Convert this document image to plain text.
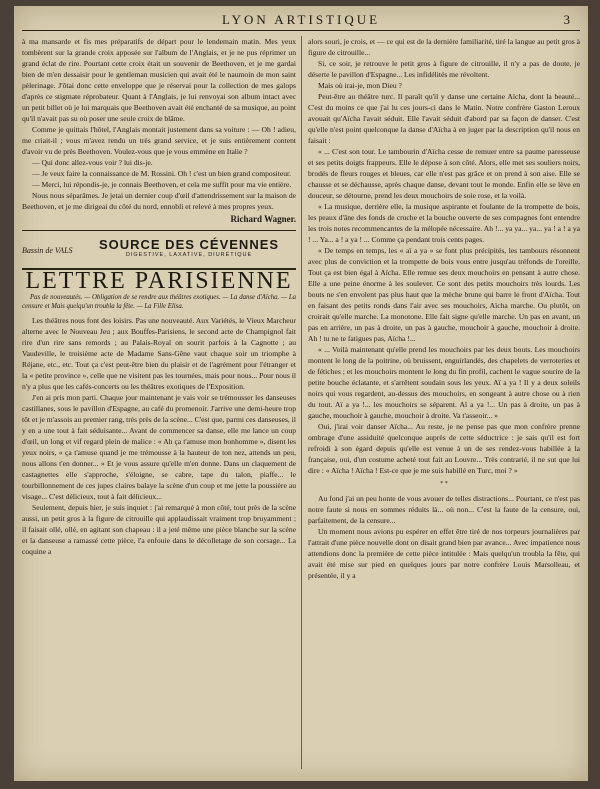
LYON ARTISTIQUE	3

à ma mansarde et fis mes préparatifs de départ pour le lendemain matin. Mes yeux tombèrent sur la grande croix apposée sur l'album de l'Anglais, et je ne pus réprimer un grand éclat de rire. Pourtant cette croix était un souvenir de Beethoven, et je me gardai bien de m'en dessaisir pour le gentleman musicien qui avait été le naumoin de mon saint pèlerinage. J'ôtai donc cette enveloppe que je réservai pour la collection de mes galops d'après ce stigmate réprobateur. Quant à l'Anglais, je lui renvoyai son album intact avec un petit billet où je lui marquais que Beethoven avait été enchanté de sa musique, au point qu'il n'avait pas su où poser une seule croix de blâme.

Comme je quittais l'hôtel, l'Anglais montait justement dans sa voiture : — Oh ! adieu, me criait-il ; vous m'avez rendu un très grand service, et je suis entièrement content d'avoir vu de près Beethoven. Voulez-vous que je vous emmène en Italie ?

— Qui donc allez-vous voir ? lui dis-je.

— Je veux faire la connaissance de M. Rossini. Oh ! c'est un bien grand compositeur.

— Merci, lui répondis-je, je connais Beethoven, et cela me suffit pour ma vie entière.

Nous nous séparâmes. Je jetai un dernier coup d'œil d'attendrissement sur la maison de Beethoven, et je me dirigeai du côté du nord, ennobli et relevé à mes propres yeux.

Richard Wagner.
Bassin de VALS	SOURCE DES CÉVENNES
DIGESTIVE, LAXATIVE, DIURÉTIQUE
LETTRE PARISIENNE
Pas de nouveautés. — Obligation de se rendre aux théâtres exotiques. — La danse d'Aïcha. — La censure et Mais quelqu'un troubla la fête. — La Fille Elisa.

Les théâtres nous font des loisirs. Pas une nouveauté. Aux Variétés, le Vieux Marcheur alterne avec le Nouveau Jeu ; aux Bouffes-Parisiens, le second acte de Champignol fait rire d'un rire sans remords ; au Palais-Royal on sourit parfois à la Cagnotte ; au Vaudeville, le troisième acte de Madame Sans-Gêne vaut chaque soir un triomphe à Réjane, etc., etc. Tout ça c'est peut-être bien du plaisir et de l'agrément pour l'étranger et la « petite province », celle que ne visitent pas les tournées, mais pour nous... Pour nous il n'y a plus que les cafés-concerts ou les théâtres exotiques de l'Exposition.

J'en ai pris mon parti. Chaque jour maintenant je vais voir se trémousser les danseuses castillanes, sous le pavillon d'Espagne, au café du promenoir. J'arrive une demi-heure trop tôt et je m'assois au premier rang, très près de la scène... C'est que, parmi ces danseuses, il y en a une tout à fait séduisante... Avant de commencer sa danse, elle me lance un coup d'œil, un long et vif regard plein de malice : « Ah ça t'amuse mon bonhomme », disent les yeux noirs, « ça t'amuse quand je me trémousse à la hauteur de ton nez, attends un peu, nous allons t'en donner... » Et je vous assure qu'elle m'en donne. Dans un claquement de castagnettes elle s'approche, s'éloigne, se cabre, tape du talon, piaffe... le tourbillonnement de ces jupes claires balaye la scène d'un coup et me jette la poussière au visage... C'est délicieux, tout à fait délicieux...

Seulement, depuis hier, je suis inquiet : j'ai remarqué à mon côté, tout près de la scène aussi, un petit gros à la figure de citrouille qui applaudissait vraiment trop bruyamment ; il faisait ollé, ollé, en agitant son chapeau : il a jeté même une pièce blanche sur la scène et la danseuse a ramassé cette pièce, l'a enfouie dans le décolletage de son corsage... La coquine a

alors souri, je crois, et — ce qui est de la dernière familiarité, tiré la langue au petit gros à figure de citrouille...

Si, ce soir, je retrouve le petit gros à figure de citrouille, il n'y a pas de doute, je déserte le pavillon d'Espagne... Les infidélités me révoltent.

Mais où irai-je, mon Dieu ?

Peut-être au théâtre turc. Il paraît qu'il y danse une certaine Aïcha, dont la beauté... C'est du moins ce que j'ai lu ces jours-ci dans le Matin. Notre confrère Gaston Leroux avouait qu'Aïcha l'avait séduit. Elle l'avait séduit d'abord par sa façon de danser. C'est qu'elle n'est point quelconque la danse d'Aïcha à en juger par la description qu'il nous en faisait :

« ... C'est son tour. Le tambourin d'Aïcha cesse de remuer entre sa paume paresseuse et ses petits doigts frappeurs. Elle le dépose à son côté. Alors, elle met ses souliers noirs, brodés de fleurs rouges et bleues, car elle n'est pas grâce et on prend à son aise. Elle se chausse et se déchausse, après chaque danse, devant tout le monde. Enfin elle se lève en douceur, se détourne, prend les deux mouchoirs de soie rose, et la voilà.

« La musique, derrière elle, la musique aspirante et foulante de la trompette de bois, les peaux d'âne des fonds de cruche et la bouche ouverte de ses compagnes font entendre les trois notes recommencantes de la mélopée nécessaire. Ah !... ya ya... ya... ya ! a ! a ya ! ... Ya... a ! a ya ! ... Comme ça pendant trois cents pages.

« De temps en temps, les « aï a ya » se font plus précipités, les tambours résonnent avec plus de conviction et la trompette de bois vous entre jusqu'au tréfonds de l'oreille. Tout ça est bien égal à Aïcha. Elle remue ses deux mouchoirs en pensant à autre chose. Elle a une peine énorme à les soulever. Ce sont des petits mouchoirs très lourds. Les bouts ne s'en envolent pas plus haut que la mèche brune qui barre le front d'Aïcha. Tout en faisant des petits ronds dans l'air avec ses mouchoirs, Aïcha marche. Ou plutôt, on croirait qu'elle marche. La monotone. Elle fait signe qu'elle marche. Un pas en avant, un pas en arrière, un pas à droite, un pas à gauche, mouchoir à gauche, mouchoir à droite. Ah ! tu ne te fatigues pas, Aïcha !...

« ... Voilà maintenant qu'elle prend les mouchoirs par les deux bouts. Les mouchoirs montent le long de la poitrine, où bruissent, enguirlandés, des chapelets de verroteries et de fétiches ; et les mouchoirs montent le long du fin profil, cachent le vague sourire de la petite bouche éclatante, et s'arrêtent soudain sous les yeux. Aï a ya ! Il y a deux soleils noirs qui vous regardent, au-dessus des mouchoirs, en songeant à autre chose ou à rien du tout. Aï a ya !... les mouchoirs se séparent. Aï a ya !... Un pas à droite, un pas à gauche, mouchoir à gauche, mouchoir à droite. Va t'asseoir... »

Oui, j'irai voir danser Aïcha... Au reste, je ne pense pas que mon confrère prenne ombrage d'une assiduité quelconque auprès de cette séductrice : je sais qu'il est fort refroidi à son égard depuis qu'elle est venue à un de ses rendez-vous habillée à la française, oui, d'un costume acheté tout fait au Louvre... Très contrarié, il ne sut que lui dire : « Aïcha ! Aïcha ! Est-ce que je me suis habillé en Turc, moi ? »

* *

Au fond j'ai un peu honte de vous avouer de telles distractions... Pourtant, ce n'est pas notre faute si nous en sommes réduits là... où non... C'est la faute de la censure, oui, parfaitement, de la censure...

Un moment nous avions pu espérer en effet être tiré de nos torpeurs journalières par l'attrait d'une pièce nouvelle dont on disait grand bien par avance... Avec impatience nous attendions donc la première de cette pièce intitulée : Mais quelqu'un troubla la fête, qui avait été mise sur pied en quelques jours par notre confrère Louis Marsolleau, et présentée, il y a
